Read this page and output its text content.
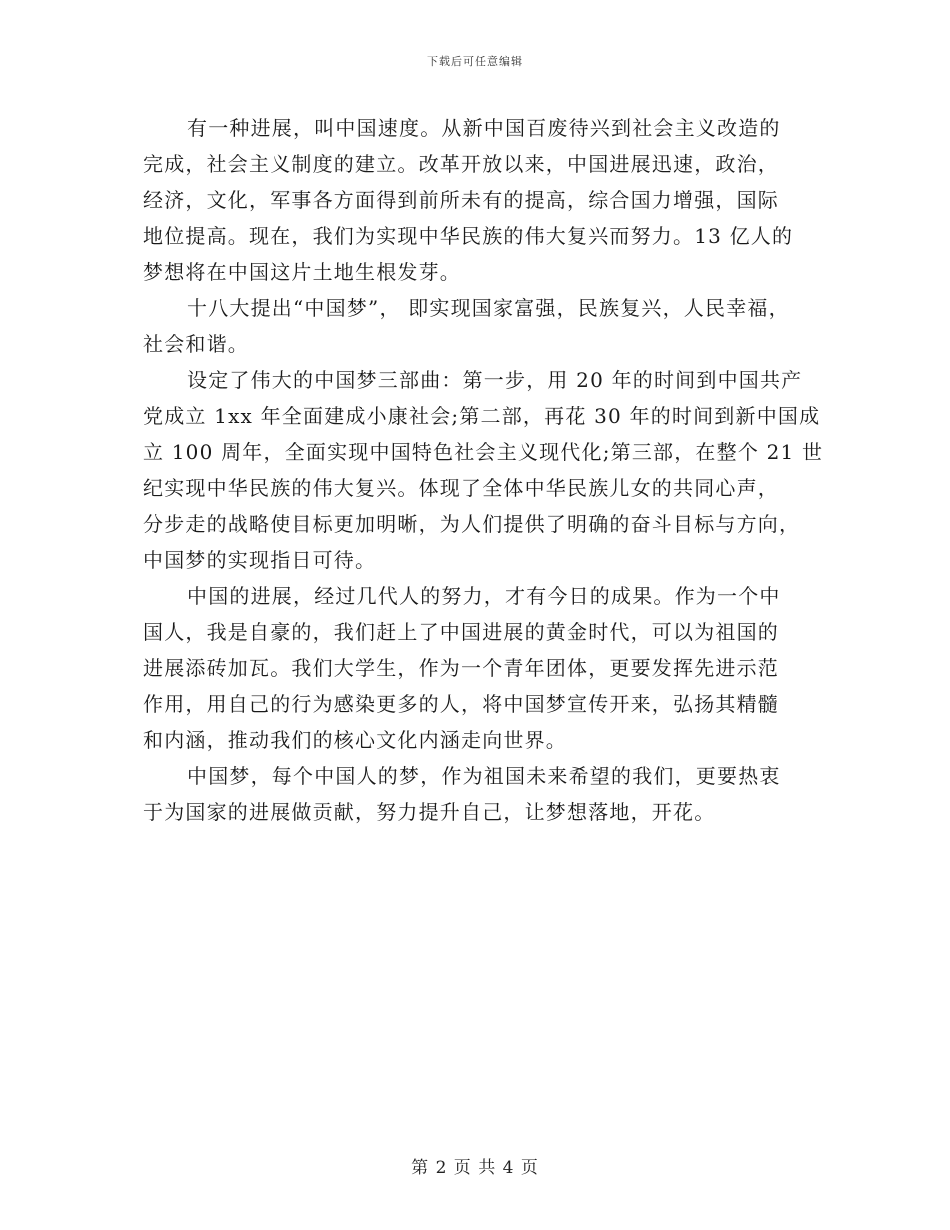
下载后可任意编辑
有一种进展，叫中国速度。从新中国百废待兴到社会主义改造的
完成，社会主义制度的建立。改革开放以来，中国进展迅速，政治，
经济，文化，军事各方面得到前所未有的提高，综合国力增强，国际
地位提高。现在，我们为实现中华民族的伟大复兴而努力。13 亿人的
梦想将在中国这片土地生根发芽。
十八大提出“中国梦”， 即实现国家富强，民族复兴，人民幸福，
社会和谐。
设定了伟大的中国梦三部曲：第一步，用 20 年的时间到中国共产
党成立 1xx 年全面建成小康社会;第二部，再花 30 年的时间到新中国成
立 100 周年，全面实现中国特色社会主义现代化;第三部，在整个 21 世
纪实现中华民族的伟大复兴。体现了全体中华民族儿女的共同心声，
分步走的战略使目标更加明晰，为人们提供了明确的奋斗目标与方向，
中国梦的实现指日可待。
中国的进展，经过几代人的努力，才有今日的成果。作为一个中
国人，我是自豪的，我们赶上了中国进展的黄金时代，可以为祖国的
进展添砖加瓦。我们大学生，作为一个青年团体，更要发挥先进示范
作用，用自己的行为感染更多的人，将中国梦宣传开来，弘扬其精髓
和内涵，推动我们的核心文化内涵走向世界。
中国梦，每个中国人的梦，作为祖国未来希望的我们，更要热衷
于为国家的进展做贡献，努力提升自己，让梦想落地，开花。
第 2 页 共 4 页
